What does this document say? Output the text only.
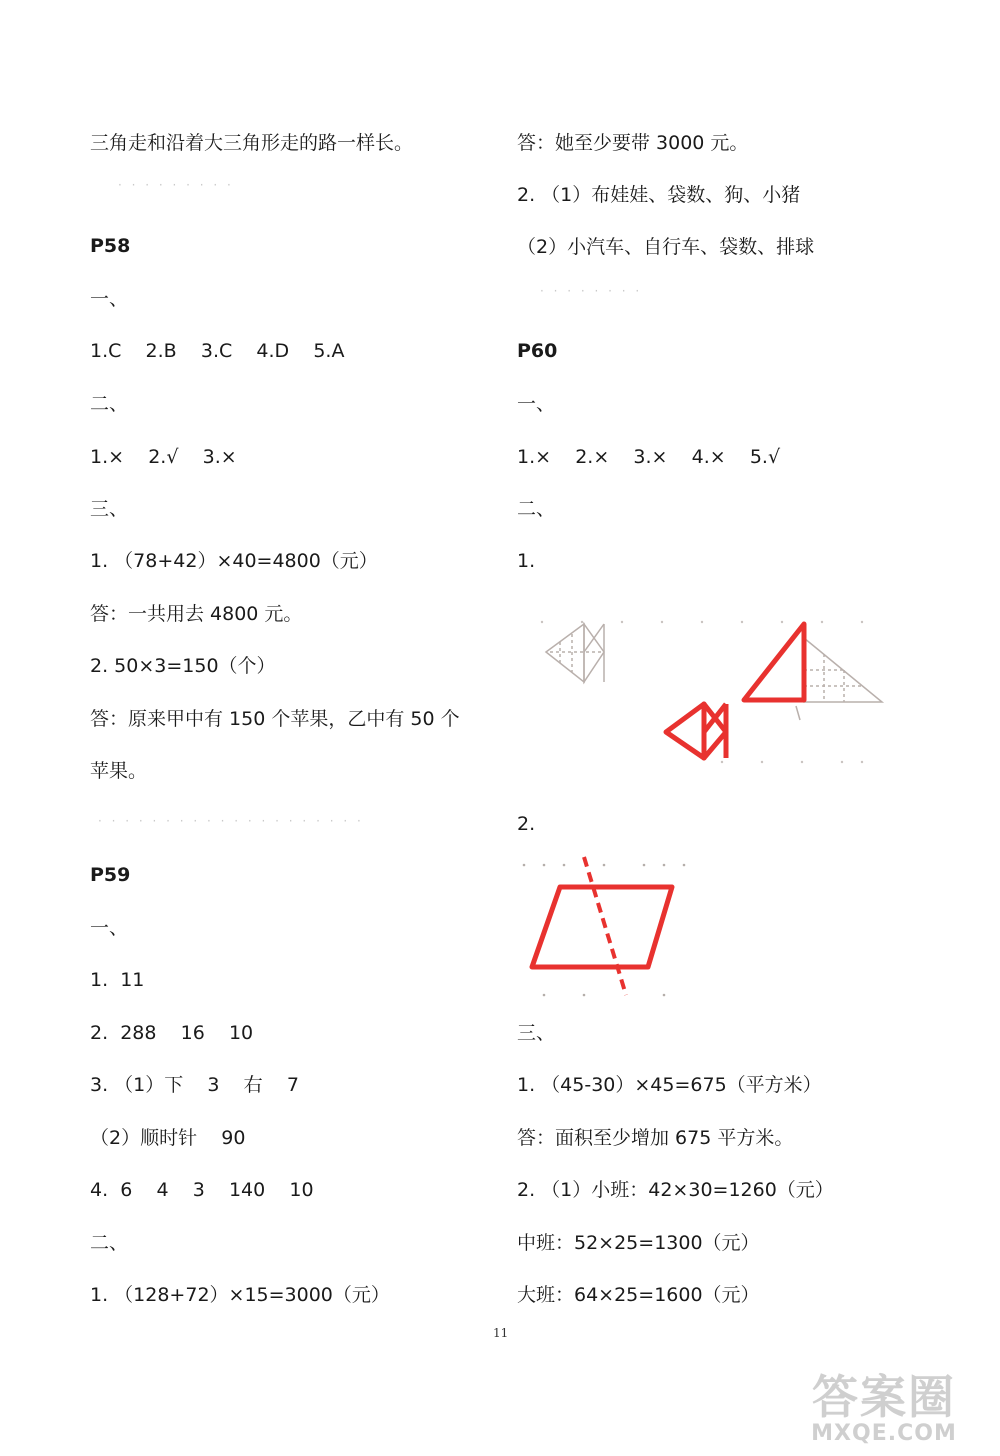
三角走和沿着大三角形走的路一样长。
· · · · · · · · ·
P58
一、
1.C    2.B    3.C    4.D    5.A
二、
1.×    2.√    3.×
三、
1. （78+42）×40=4800（元）
答：一共用去 4800 元。
2. 50×3=150（个）
答：原来甲中有 150 个苹果，乙中有 50 个
苹果。
· · · · · · · · · · · · · · · · · · · ·
P59
一、
1.  11
2.  288    16    10
3. （1）下    3    右    7
（2）顺时针    90
4.  6    4    3    140    10
二、
1. （128+72）×15=3000（元）
答：她至少要带 3000 元。
2. （1）布娃娃、袋数、狗、小猪
（2）小汽车、自行车、袋数、排球
· · · · · · · ·
P60
一、
1.×    2.×    3.×    4.×    5.√
二、
1.
2.
三、
1. （45-30）×45=675（平方米）
答：面积至少增加 675 平方米。
2. （1）小班：42×30=1260（元）
中班：52×25=1300（元）
大班：64×25=1600（元）
11
答案圈
MXQE.COM
